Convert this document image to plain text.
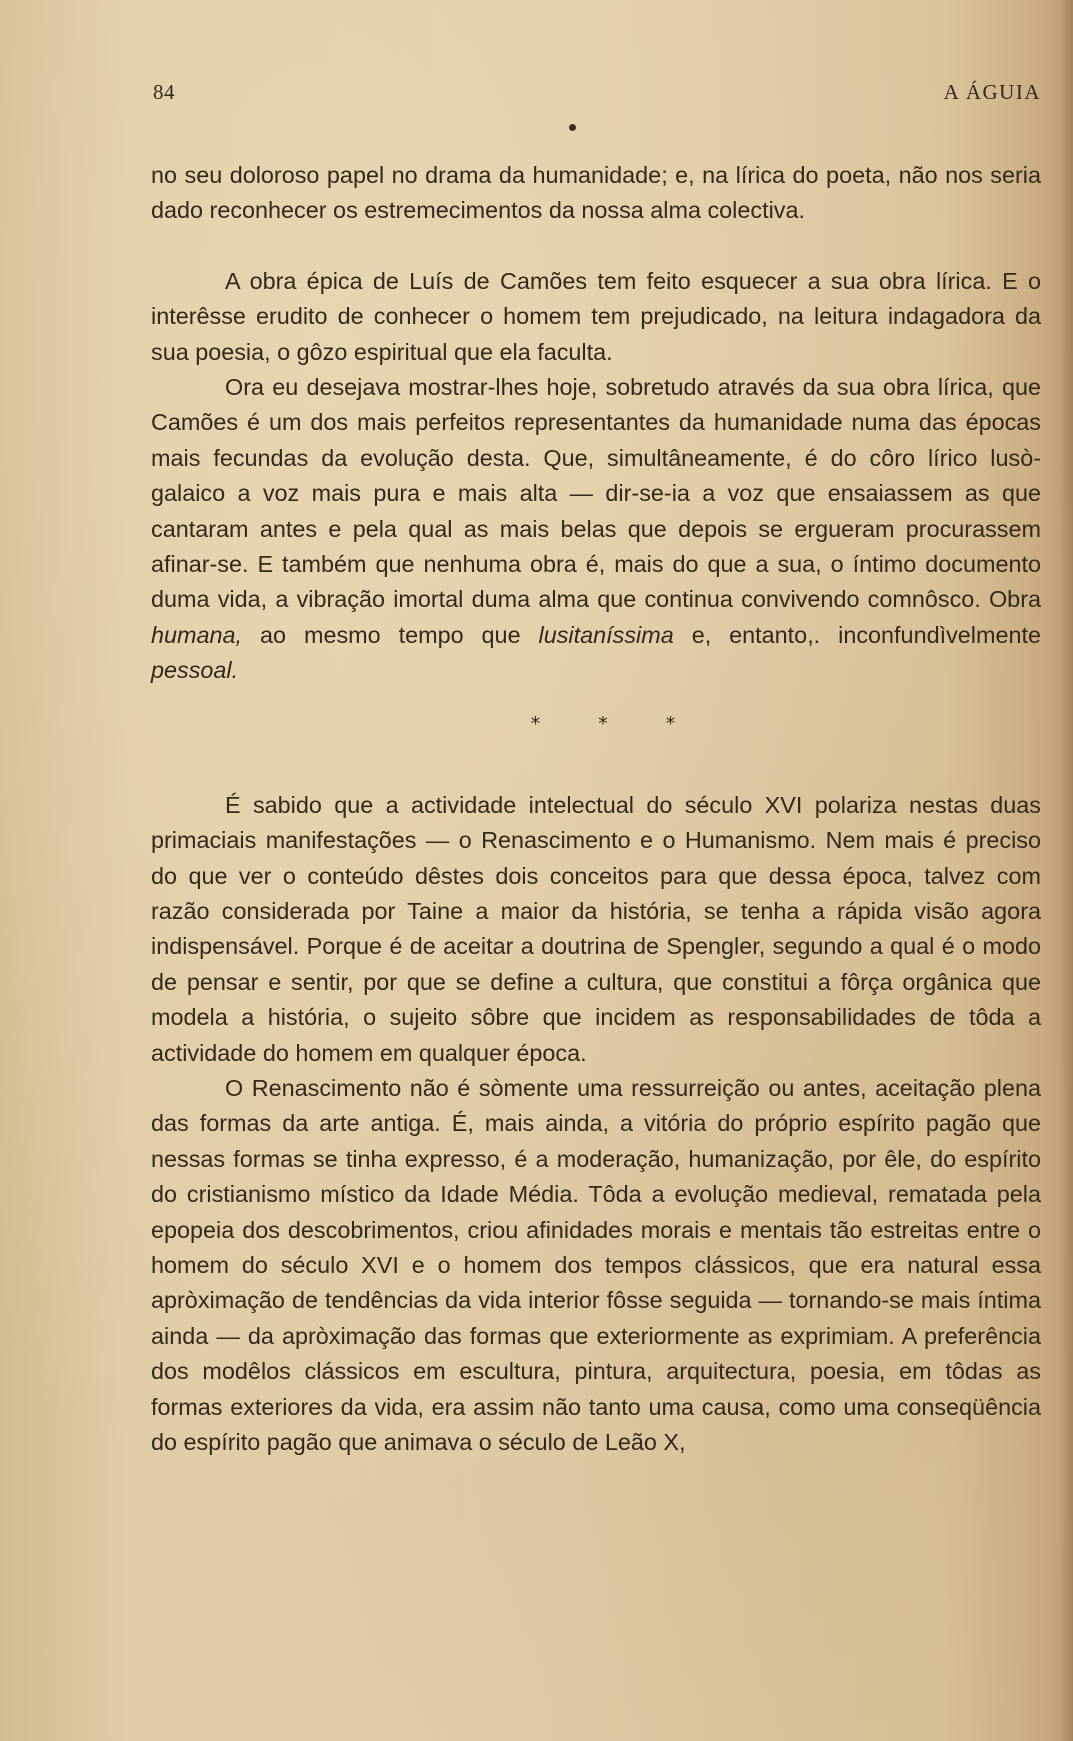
84	A ÁGUIA

no seu doloroso papel no drama da humanidade; e, na lírica do poeta, não nos seria dado reconhecer os estremecimentos da nossa alma colectiva.

A obra épica de Luís de Camões tem feito esquecer a sua obra lírica. E o interêsse erudito de conhecer o homem tem prejudicado, na leitura indagadora da sua poesia, o gôzo espiritual que ela faculta.

Ora eu desejava mostrar-lhes hoje, sobretudo através da sua obra lírica, que Camões é um dos mais perfeitos representantes da humanidade numa das épocas mais fecundas da evolução desta. Que, simultâneamente, é do côro lírico lusò-galaico a voz mais pura e mais alta — dir-se-ia a voz que ensaiassem as que cantaram antes e pela qual as mais belas que depois se ergueram procurassem afinar-se. E também que nenhuma obra é, mais do que a sua, o íntimo documento duma vida, a vibração imortal duma alma que continua convivendo comnôsco. Obra humana, ao mesmo tempo que lusitaníssima e, entanto,. inconfundìvelmente pessoal.

* * *

É sabido que a actividade intelectual do século XVI polariza nestas duas primaciais manifestações — o Renascimento e o Humanismo. Nem mais é preciso do que ver o conteúdo dêstes dois conceitos para que dessa época, talvez com razão considerada por Taine a maior da história, se tenha a rápida visão agora indispensável. Porque é de aceitar a doutrina de Spengler, segundo a qual é o modo de pensar e sentir, por que se define a cultura, que constitui a fôrça orgânica que modela a história, o sujeito sôbre que incidem as responsabilidades de tôda a actividade do homem em qualquer época.

O Renascimento não é sòmente uma ressurreição ou antes, aceitação plena das formas da arte antiga. É, mais ainda, a vitória do próprio espírito pagão que nessas formas se tinha expresso, é a moderação, humanização, por êle, do espírito do cristianismo místico da Idade Média. Tôda a evolução medieval, rematada pela epopeia dos descobrimentos, criou afinidades morais e mentais tão estreitas entre o homem do século XVI e o homem dos tempos clássicos, que era natural essa apròximação de tendências da vida interior fôsse seguida — tornando-se mais íntima ainda — da apròximação das formas que exteriormente as exprimiam. A preferência dos modêlos clássicos em escultura, pintura, arquitectura, poesia, em tôdas as formas exteriores da vida, era assim não tanto uma causa, como uma conseqüência do espírito pagão que animava o século de Leão X,
